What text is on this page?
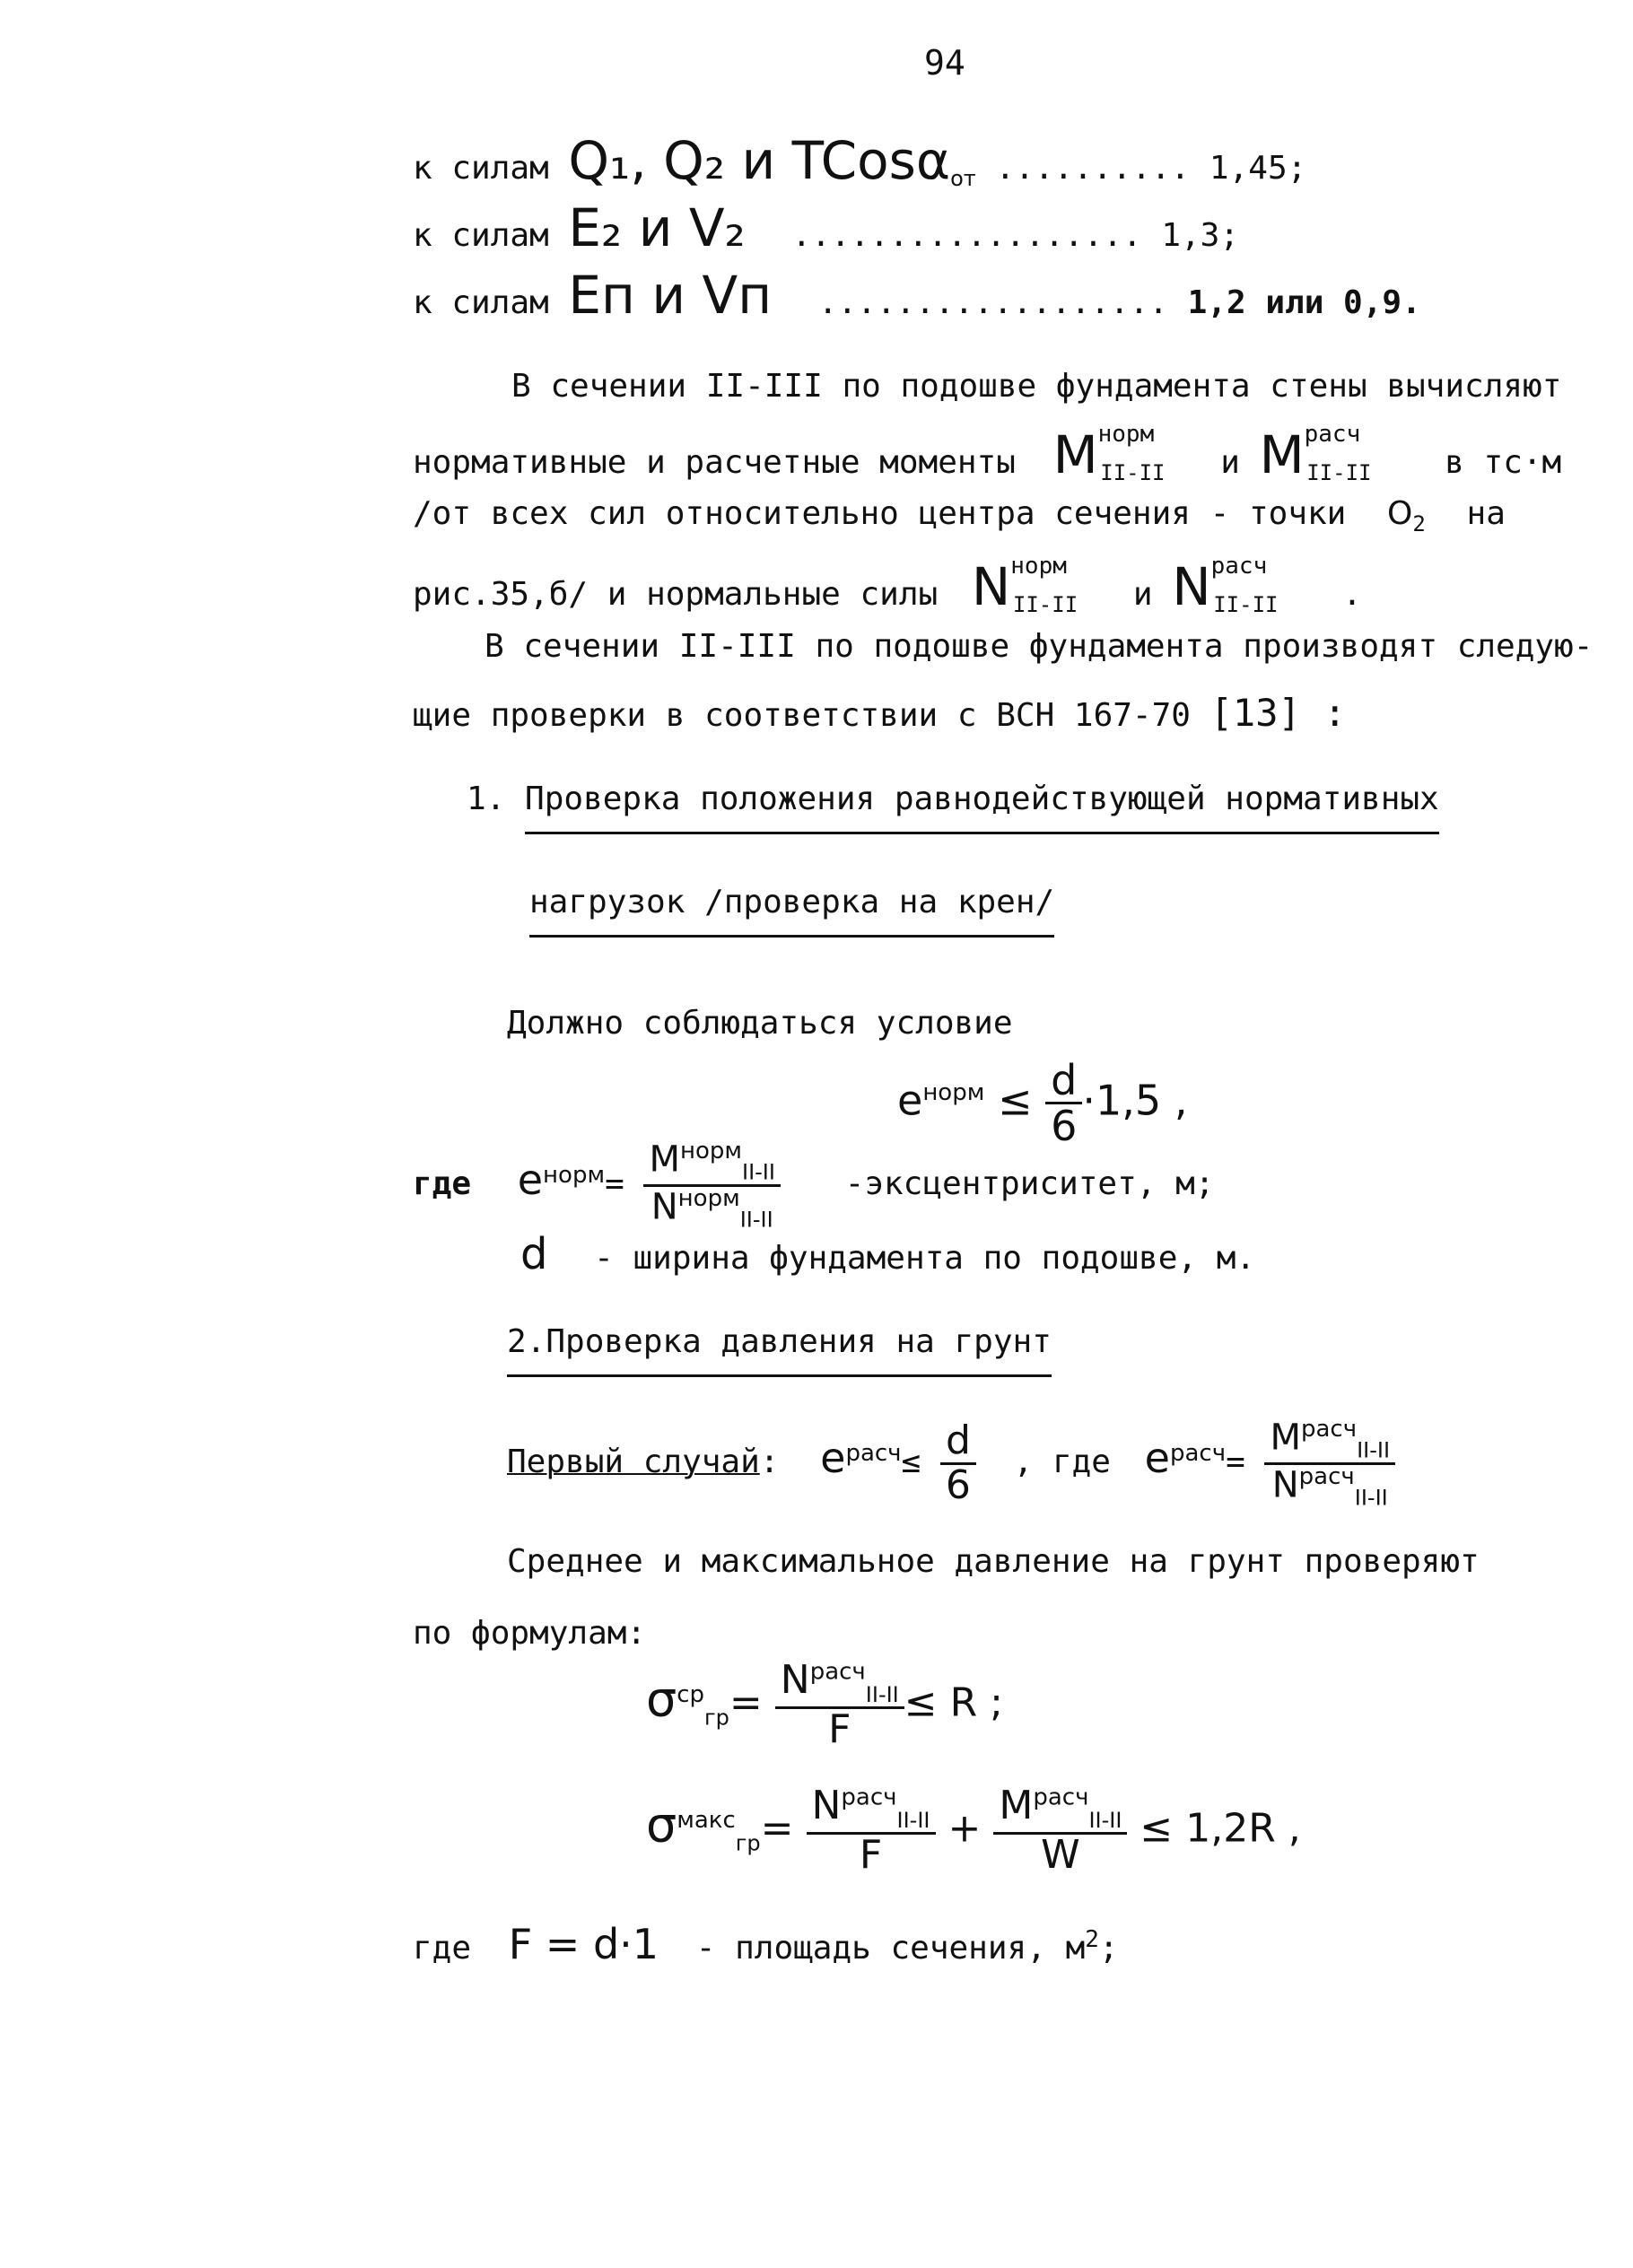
94
к силам Q₁, Q₂ и TCosα$_{от}$ .......... 1,45;
к силам E₂ и V₂ .................. 1,3;
к силам Eп и Vп .................. 1,2 или 0,9.
В сечении II-III по подошве фундамента стены вычисляют
нормативные и расчетные моменты $M^{норм}_{II-II}$ и $M^{расч}_{II-II}$ в тс·м
/от всех сил относительно центра сечения - точки $O_2$ на
рис.35,б/ и нормальные силы $N^{норм}_{II-II}$ и $N^{расч}_{II-II}$ .
В сечении II-III по подошве фундамента производят следую-
щие проверки в соответствии с ВСН 167-70 [13] :
1. Проверка положения равнодействующей нормативных
нагрузок /проверка на крен/
Должно соблюдаться условие
$e^{норм} \le \frac{d}{6} \cdot 1,5$ ,
где $e^{норм}= \frac{M^{норм}_{II-II}}{N^{норм}_{II-II}}$ -эксцентриситет, м;
d - ширина фундамента по подошве, м.
2.Проверка давления на грунт
Первый случай: $e^{расч}\le \frac{d}{6}$ , где $e^{расч}= \frac{M^{расч}_{II-II}}{N^{расч}_{II-II}}$
Среднее и максимальное давление на грунт проверяют
по формулам:
$\sigma^{ср}_{гр}= \frac{N^{расч}_{II-II}}{F} \le R$ ;
$\sigma^{макс}_{гр}= \frac{N^{расч}_{II-II}}{F} + \frac{M^{расч}_{II-II}}{W} \le 1,2R$ ,
где F = d·1 - площадь сечения, $м^2$;
